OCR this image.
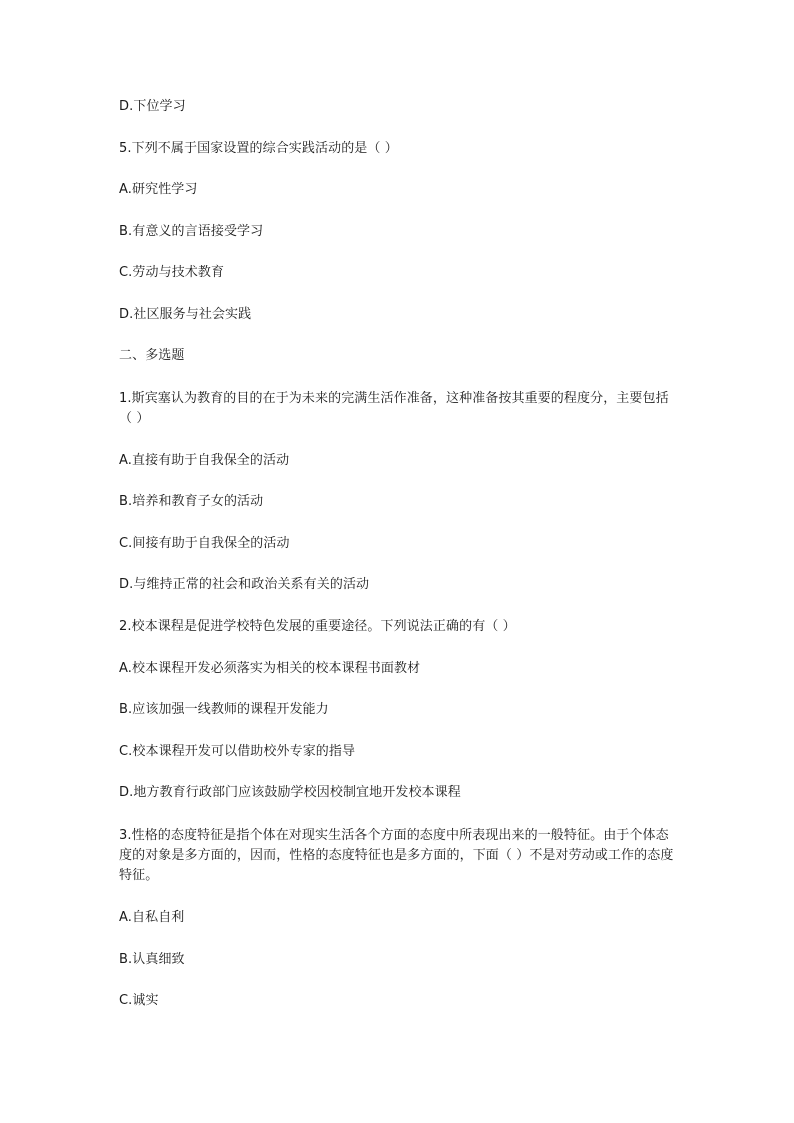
D.下位学习
5.下列不属于国家设置的综合实践活动的是（ ）
A.研究性学习
B.有意义的言语接受学习
C.劳动与技术教育
D.社区服务与社会实践
二、多选题
1.斯宾塞认为教育的目的在于为未来的完满生活作准备，这种准备按其重要的程度分，主要包括（ ）
A.直接有助于自我保全的活动
B.培养和教育子女的活动
C.间接有助于自我保全的活动
D.与维持正常的社会和政治关系有关的活动
2.校本课程是促进学校特色发展的重要途径。下列说法正确的有（ ）
A.校本课程开发必须落实为相关的校本课程书面教材
B.应该加强一线教师的课程开发能力
C.校本课程开发可以借助校外专家的指导
D.地方教育行政部门应该鼓励学校因校制宜地开发校本课程
3.性格的态度特征是指个体在对现实生活各个方面的态度中所表现出来的一般特征。由于个体态度的对象是多方面的，因而，性格的态度特征也是多方面的，下面（ ）不是对劳动或工作的态度特征。
A.自私自利
B.认真细致
C.诚实
